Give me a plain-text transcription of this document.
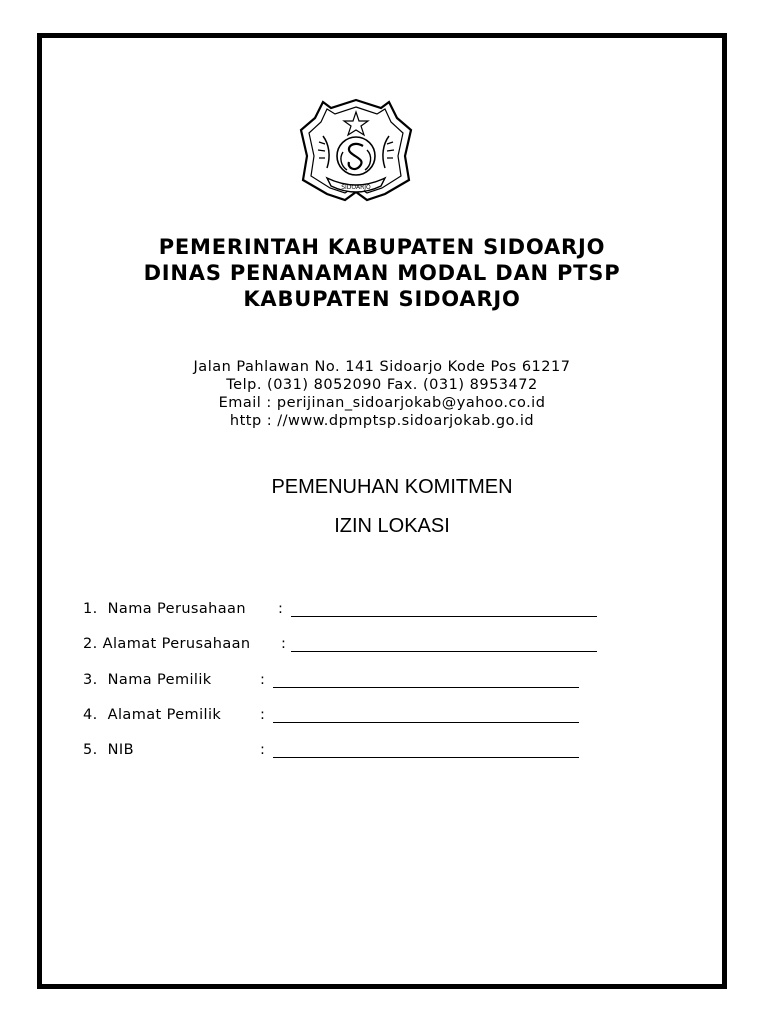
SIDOARJO
PEMERINTAH KABUPATEN SIDOARJO
DINAS PENANAMAN MODAL DAN PTSP
KABUPATEN SIDOARJO
Jalan Pahlawan No. 141 Sidoarjo Kode Pos 61217
Telp. (031) 8052090 Fax. (031) 8953472
Email : perijinan_sidoarjokab@yahoo.co.id
http : //www.dpmptsp.sidoarjokab.go.id
PEMENUHAN KOMITMEN
IZIN LOKASI
1. Nama Perusahaan :
2. Alamat Perusahaan :
3. Nama Pemilik	:
4. Alamat Pemilik	:
5. NIB	:
